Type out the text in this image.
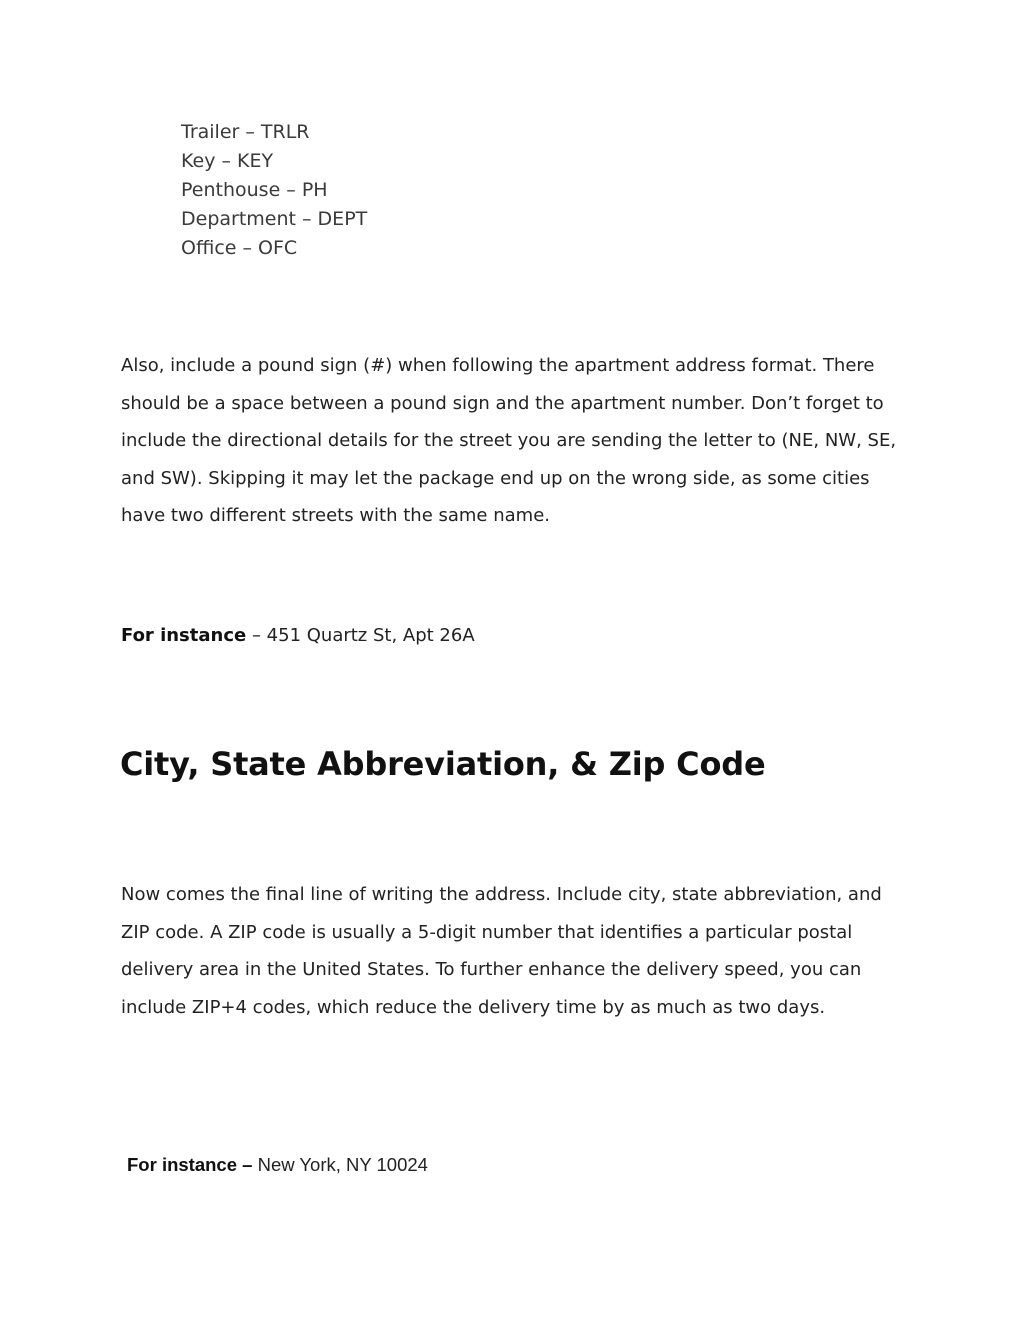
Trailer – TRLR
Key – KEY
Penthouse – PH
Department – DEPT
Office – OFC

Also, include a pound sign (#) when following the apartment address format. There should be a space between a pound sign and the apartment number. Don’t forget to include the directional details for the street you are sending the letter to (NE, NW, SE, and SW). Skipping it may let the package end up on the wrong side, as some cities have two different streets with the same name.

For instance – 451 Quartz St, Apt 26A

City, State Abbreviation, & Zip Code

Now comes the final line of writing the address. Include city, state abbreviation, and ZIP code. A ZIP code is usually a 5-digit number that identifies a particular postal delivery area in the United States. To further enhance the delivery speed, you can include ZIP+4 codes, which reduce the delivery time by as much as two days.

For instance – New York, NY 10024
